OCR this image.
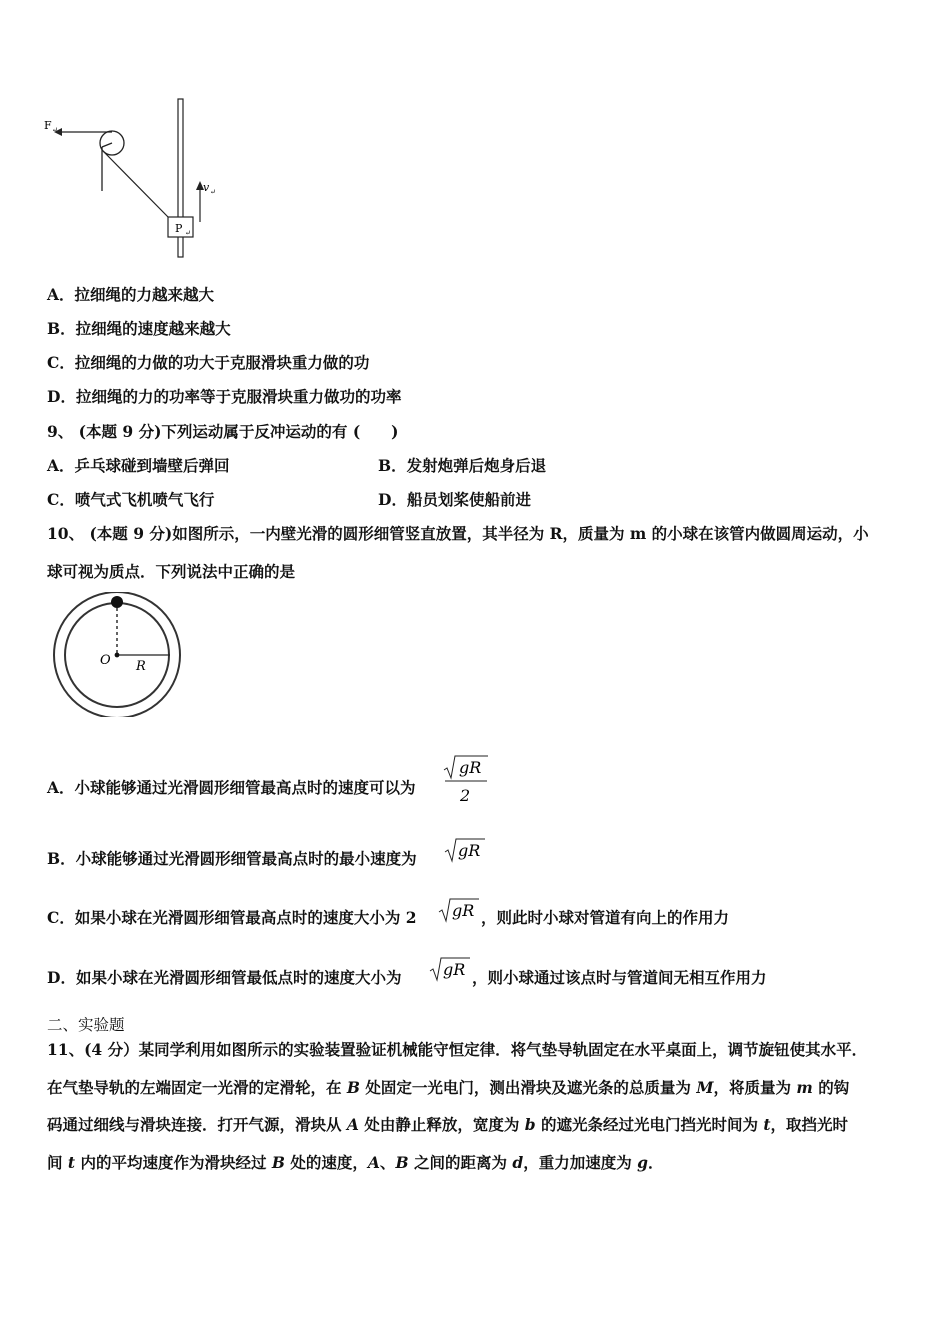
P ↵
v ↵
F ↵
A．拉细绳的力越来越大
B．拉细绳的速度越来越大
C．拉细绳的力做的功大于克服滑块重力做的功
D．拉细绳的力的功率等于克服滑块重力做功的功率
9、 (本题 9 分)下列运动属于反冲运动的有 (　　)
A．乒乓球碰到墙壁后弹回	B．发射炮弹后炮身后退
C．喷气式飞机喷气飞行	D．船员划桨使船前进
10、 (本题 9 分)如图所示，一内壁光滑的圆形细管竖直放置，其半径为 R，质量为 m 的小球在该管内做圆周运动，小
球可视为质点．下列说法中正确的是
O R
A．小球能够通过光滑圆形细管最高点时的速度可以为
gR
2
B．小球能够通过光滑圆形细管最高点时的最小速度为	gR
C．如果小球在光滑圆形细管最高点时的速度大小为 2 gR ，则此时小球对管道有向上的作用力
D．如果小球在光滑圆形细管最低点时的速度大小为	gR ，则小球通过该点时与管道间无相互作用力
二、实验题
11、(4 分）某同学利用如图所示的实验装置验证机械能守恒定律．将气垫导轨固定在水平桌面上，调节旋钮使其水平．
在气垫导轨的左端固定一光滑的定滑轮，在 B 处固定一光电门，测出滑块及遮光条的总质量为 M，将质量为 m 的钩
码通过细线与滑块连接．打开气源，滑块从 A 处由静止释放，宽度为 b 的遮光条经过光电门挡光时间为 t，取挡光时
间 t 内的平均速度作为滑块经过 B 处的速度，A、B 之间的距离为 d，重力加速度为 g．
